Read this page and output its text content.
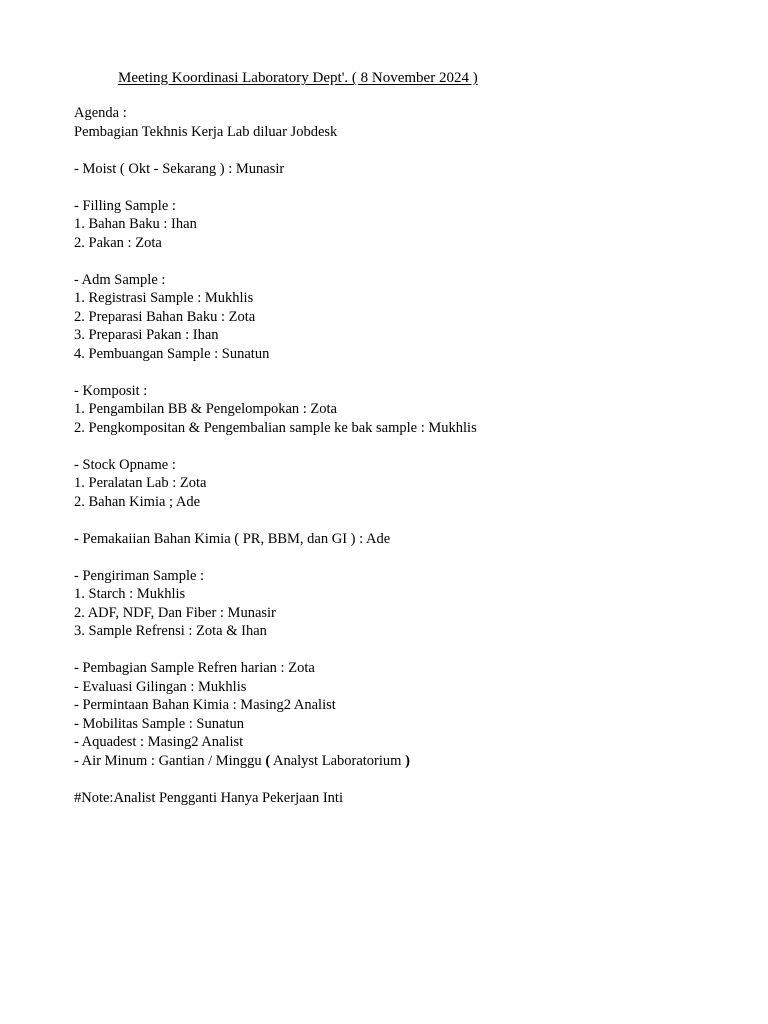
Meeting Koordinasi Laboratory Dept'. ( 8 November 2024 )
Agenda :
Pembagian Tekhnis Kerja Lab diluar Jobdesk
- Moist ( Okt - Sekarang ) : Munasir
- Filling Sample :
1. Bahan Baku : Ihan
2. Pakan : Zota
- Adm Sample :
1. Registrasi Sample : Mukhlis
2. Preparasi Bahan Baku : Zota
3. Preparasi Pakan : Ihan
4. Pembuangan Sample : Sunatun
- Komposit :
1. Pengambilan BB & Pengelompokan : Zota
2. Pengkompositan & Pengembalian sample ke bak sample : Mukhlis
- Stock Opname :
1. Peralatan Lab : Zota
2. Bahan Kimia ; Ade
- Pemakaiian Bahan Kimia ( PR, BBM, dan GI ) : Ade
- Pengiriman Sample :
1. Starch : Mukhlis
2. ADF, NDF, Dan Fiber : Munasir
3. Sample Refrensi : Zota & Ihan
- Pembagian Sample Refren harian : Zota
- Evaluasi Gilingan : Mukhlis
- Permintaan Bahan Kimia : Masing2 Analist
- Mobilitas Sample : Sunatun
- Aquadest : Masing2 Analist
- Air Minum : Gantian / Minggu ( Analyst Laboratorium )
#Note:Analist Pengganti Hanya Pekerjaan Inti
